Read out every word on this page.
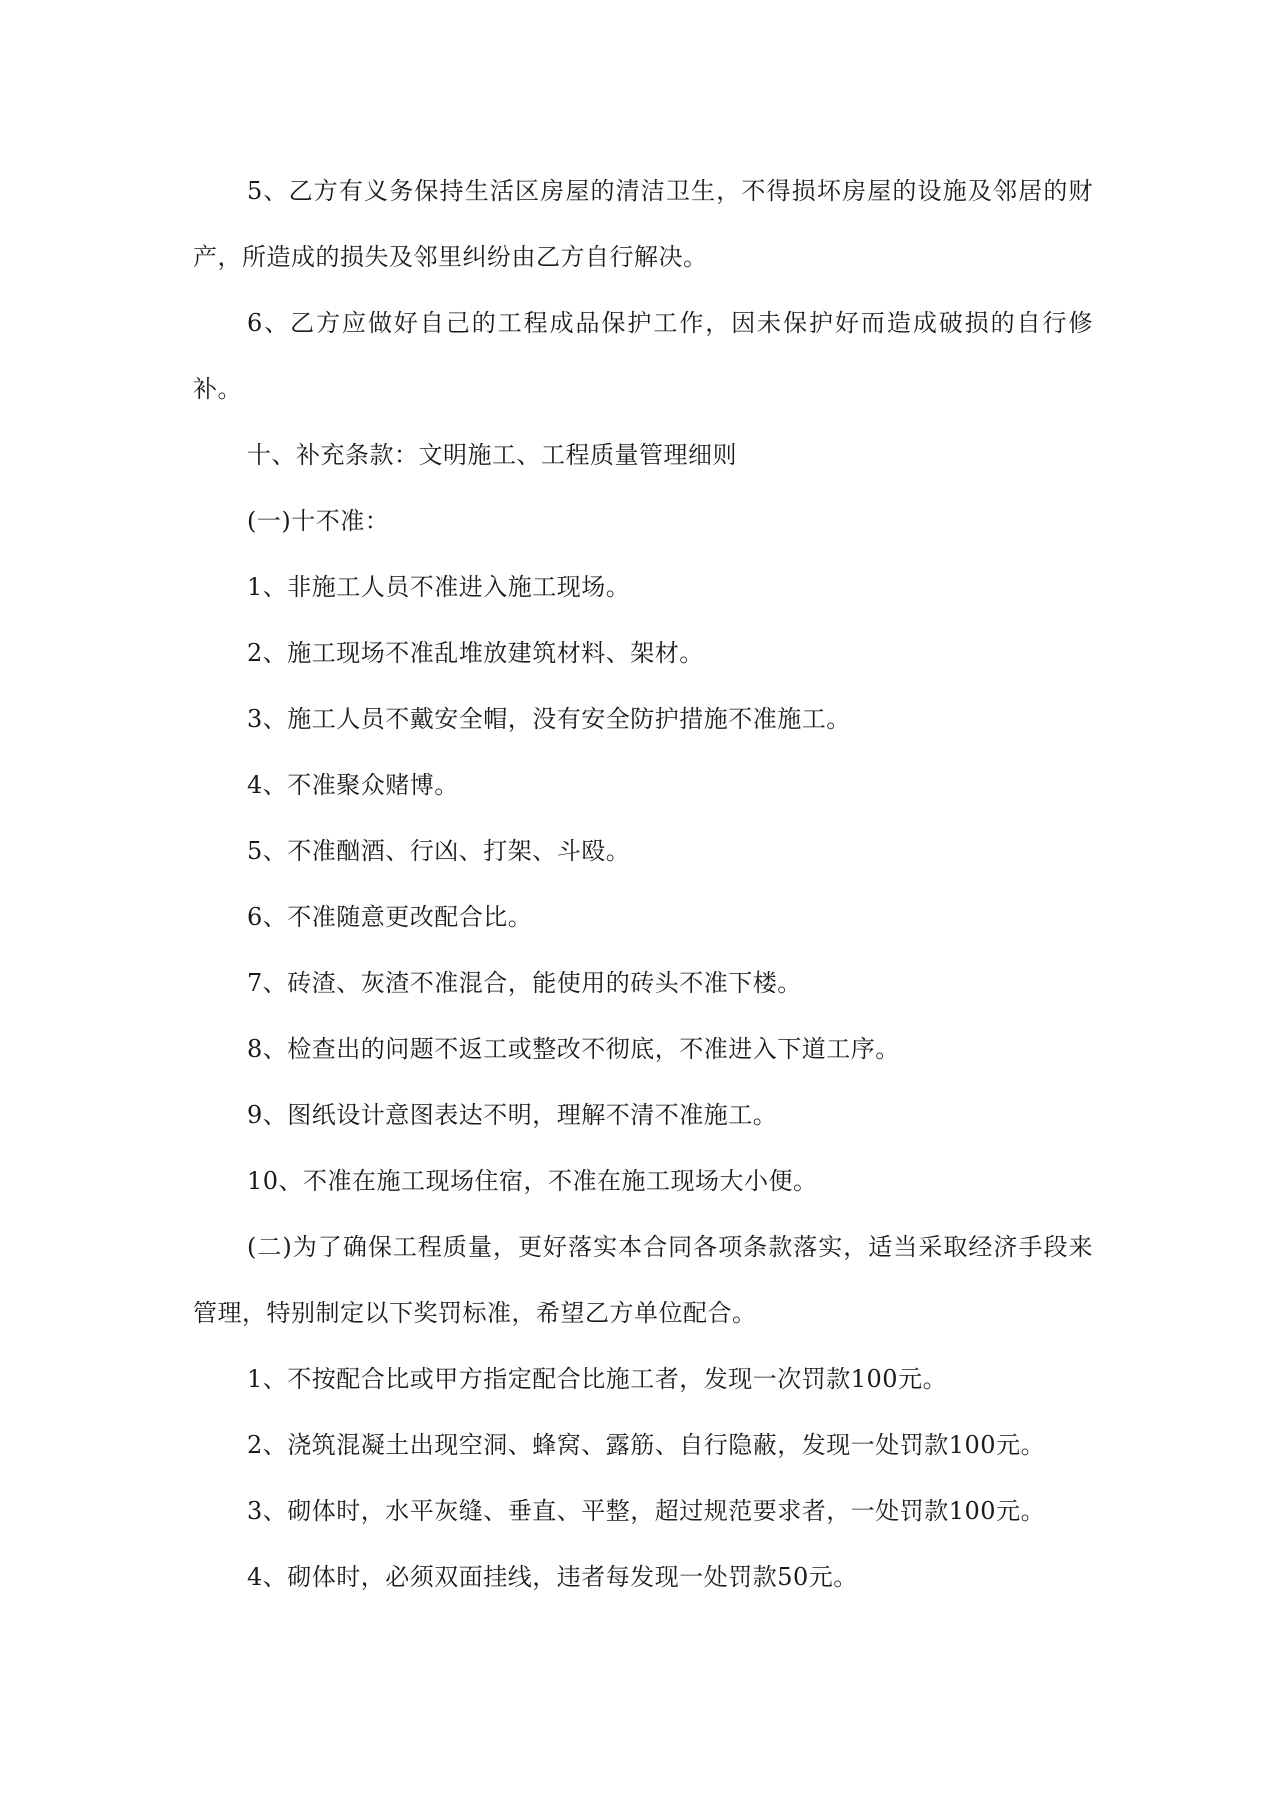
5、乙方有义务保持生活区房屋的清洁卫生，不得损坏房屋的设施及邻居的财产，所造成的损失及邻里纠纷由乙方自行解决。

6、乙方应做好自己的工程成品保护工作，因未保护好而造成破损的自行修补。

十、补充条款：文明施工、工程质量管理细则

(一)十不准：

1、非施工人员不准进入施工现场。

2、施工现场不准乱堆放建筑材料、架材。

3、施工人员不戴安全帽，没有安全防护措施不准施工。

4、不准聚众赌博。

5、不准酗酒、行凶、打架、斗殴。

6、不准随意更改配合比。

7、砖渣、灰渣不准混合，能使用的砖头不准下楼。

8、检查出的问题不返工或整改不彻底，不准进入下道工序。

9、图纸设计意图表达不明，理解不清不准施工。

10、不准在施工现场住宿，不准在施工现场大小便。

(二)为了确保工程质量，更好落实本合同各项条款落实，适当采取经济手段来管理，特别制定以下奖罚标准，希望乙方单位配合。

1、不按配合比或甲方指定配合比施工者，发现一次罚款100元。

2、浇筑混凝土出现空洞、蜂窝、露筋、自行隐蔽，发现一处罚款100元。

3、砌体时，水平灰缝、垂直、平整，超过规范要求者，一处罚款100元。

4、砌体时，必须双面挂线，违者每发现一处罚款50元。
